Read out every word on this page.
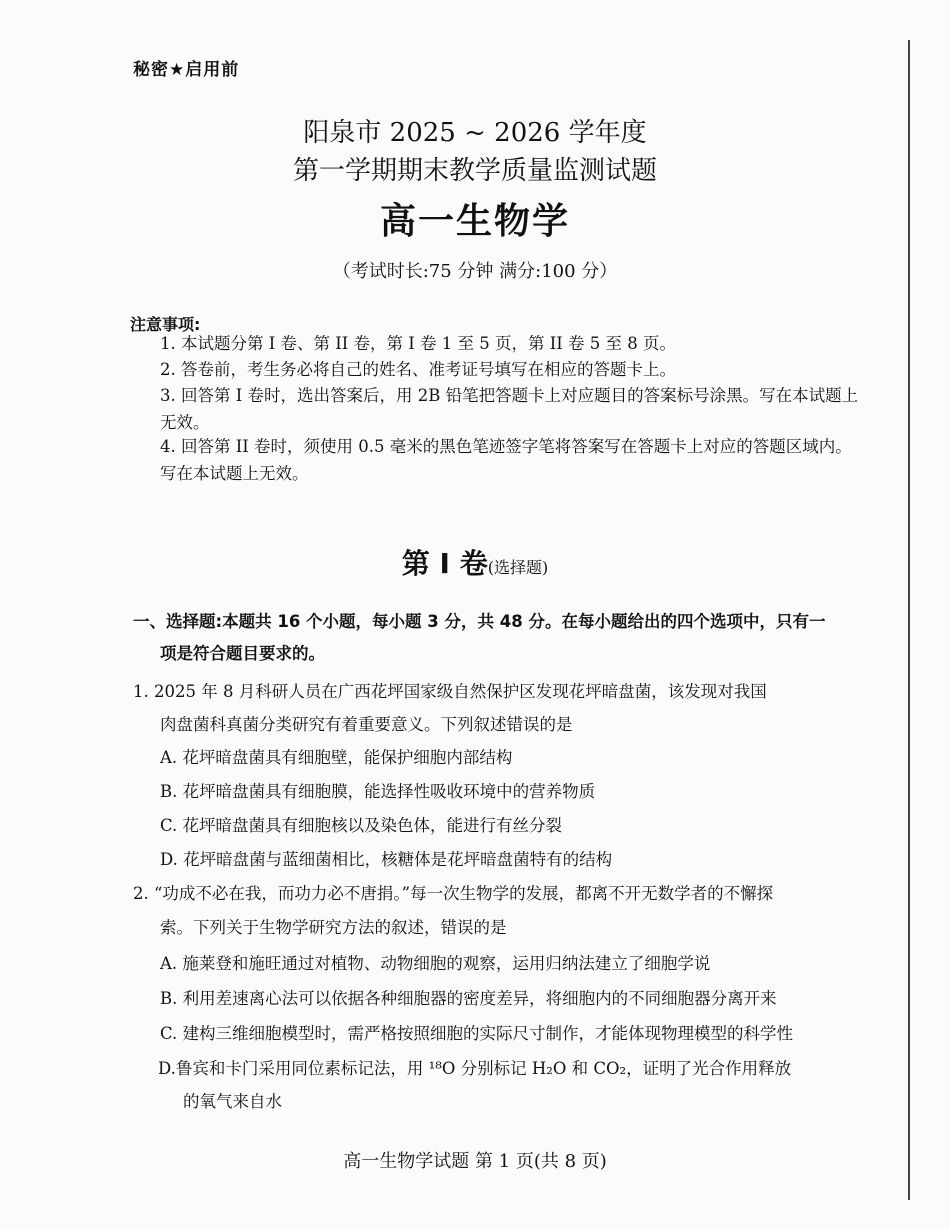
秘密★启用前
阳泉市 2025 ~ 2026 学年度
第一学期期末教学质量监测试题
高一生物学
（考试时长:75 分钟 满分:100 分）
注意事项:
1. 本试题分第 I 卷、第 II 卷，第 I 卷 1 至 5 页，第 II 卷 5 至 8 页。
2. 答卷前，考生务必将自己的姓名、准考证号填写在相应的答题卡上。
3. 回答第 I 卷时，选出答案后，用 2B 铅笔把答题卡上对应题目的答案标号涂黑。写在本试题上无效。
4. 回答第 II 卷时，须使用 0.5 毫米的黑色笔迹签字笔将答案写在答题卡上对应的答题区域内。写在本试题上无效。
第 I 卷(选择题)
一、选择题:本题共 16 个小题，每小题 3 分，共 48 分。在每小题给出的四个选项中，只有一
项是符合题目要求的。
1. 2025 年 8 月科研人员在广西花坪国家级自然保护区发现花坪暗盘菌，该发现对我国
肉盘菌科真菌分类研究有着重要意义。下列叙述错误的是
A. 花坪暗盘菌具有细胞壁，能保护细胞内部结构
B. 花坪暗盘菌具有细胞膜，能选择性吸收环境中的营养物质
C. 花坪暗盘菌具有细胞核以及染色体，能进行有丝分裂
D. 花坪暗盘菌与蓝细菌相比，核糖体是花坪暗盘菌特有的结构
2. “功成不必在我，而功力必不唐捐。”每一次生物学的发展，都离不开无数学者的不懈探
索。下列关于生物学研究方法的叙述，错误的是
A. 施莱登和施旺通过对植物、动物细胞的观察，运用归纳法建立了细胞学说
B. 利用差速离心法可以依据各种细胞器的密度差异，将细胞内的不同细胞器分离开来
C. 建构三维细胞模型时，需严格按照细胞的实际尺寸制作，才能体现物理模型的科学性
D.鲁宾和卡门采用同位素标记法，用 ¹⁸O 分别标记 H₂O 和 CO₂，证明了光合作用释放
的氧气来自水
高一生物学试题 第 1 页(共 8 页)
